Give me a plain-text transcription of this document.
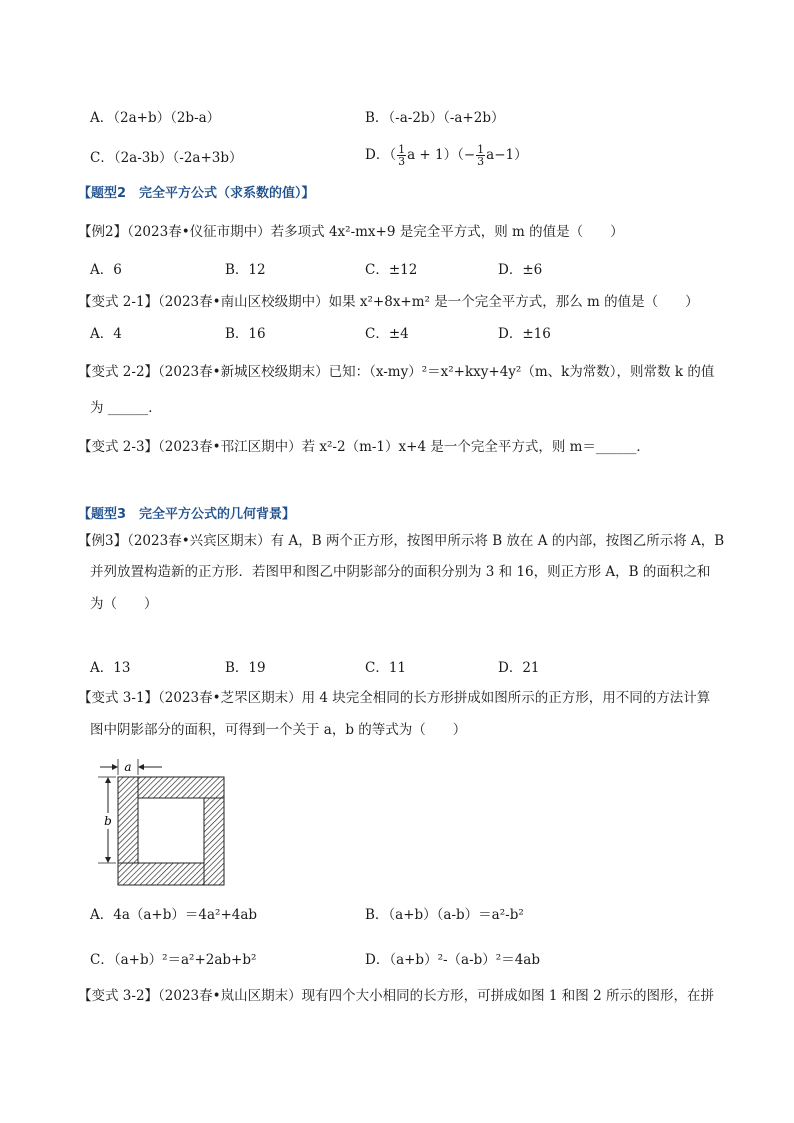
A．（2a+b）（2b-a）	B．（-a-2b）（-a+2b）
C．（2a-3b）（-2a+3b）	D．（ $\frac{1}{3}$ $a + 1)(- \frac{1}{3} a-1)$
【题型2　完全平方公式（求系数的值）】
【例2】（2023春•仪征市期中）若多项式 4x²-mx+9 是完全平方式，则 m 的值是（　　）
A．6	B．12	C．±12	D．±6
【变式 2-1】（2023春•南山区校级期中）如果 x²+8x+m² 是一个完全平方式，那么 m 的值是（　　）
A．4	B．16	C．±4	D．±16
【变式 2-2】（2023春•新城区校级期末）已知：（x-my）²＝x²+kxy+4y²（m、k为常数），则常数 k 的值
为 ______．
【变式 2-3】（2023春•邗江区期中）若 x²-2（m-1）x+4 是一个完全平方式，则 m＝______．
【题型3　完全平方公式的几何背景】
【例3】（2023春•兴宾区期末）有 A，B 两个正方形，按图甲所示将 B 放在 A 的内部，按图乙所示将 A，B
并列放置构造新的正方形．若图甲和图乙中阴影部分的面积分别为 3 和 16，则正方形 A，B 的面积之和
为（　　）
A．13	B．19	C．11	D．21
【变式 3-1】（2023春•芝罘区期末）用 4 块完全相同的长方形拼成如图所示的正方形，用不同的方法计算
图中阴影部分的面积，可得到一个关于 a，b 的等式为（　　）
a
b
A．4a（a+b）＝4a²+4ab	B．（a+b）（a-b）＝a²-b²
C．（a+b）²＝a²+2ab+b²	D．（a+b）²-（a-b）²＝4ab
【变式 3-2】（2023春•岚山区期末）现有四个大小相同的长方形，可拼成如图 1 和图 2 所示的图形，在拼
